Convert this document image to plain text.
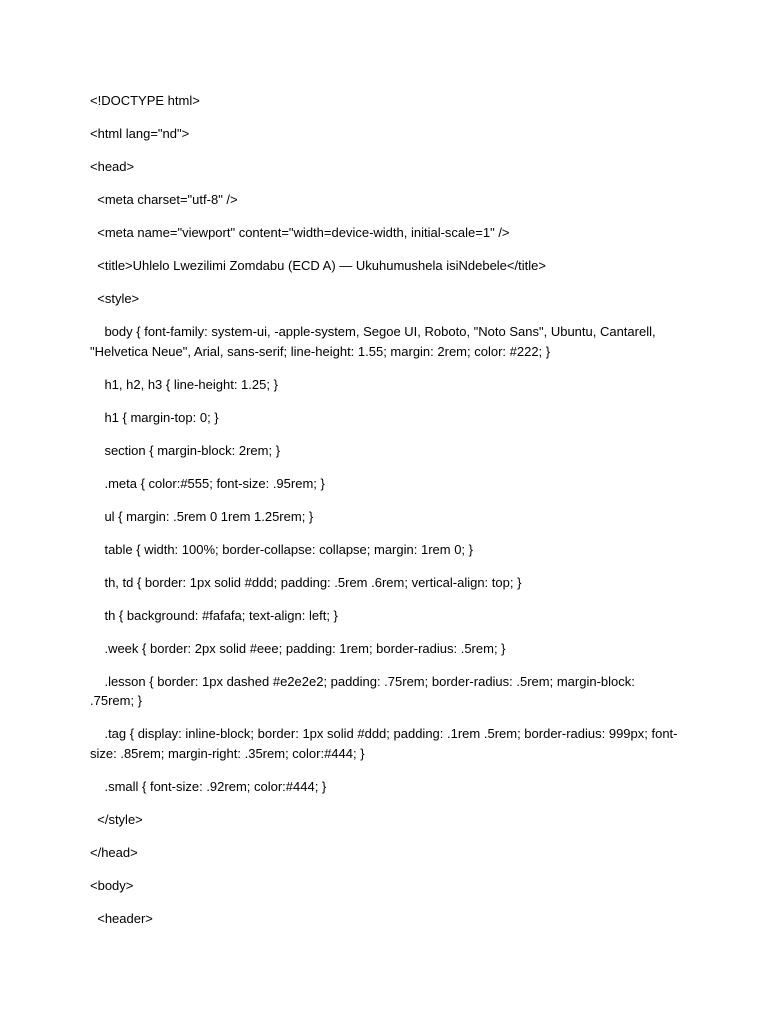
<!DOCTYPE html>

<html lang="nd">

<head>

<meta charset="utf-8" />

<meta name="viewport" content="width=device-width, initial-scale=1" />

<title>Uhlelo Lwezilimi Zomdabu (ECD A) — Ukuhumushela isiNdebele</title>

<style>

body { font-family: system-ui, -apple-system, Segoe UI, Roboto, "Noto Sans", Ubuntu, Cantarell, "Helvetica Neue", Arial, sans-serif; line-height: 1.55; margin: 2rem; color: #222; }

h1, h2, h3 { line-height: 1.25; }

h1 { margin-top: 0; }

section { margin-block: 2rem; }

.meta { color:#555; font-size: .95rem; }

ul { margin: .5rem 0 1rem 1.25rem; }

table { width: 100%; border-collapse: collapse; margin: 1rem 0; }

th, td { border: 1px solid #ddd; padding: .5rem .6rem; vertical-align: top; }

th { background: #fafafa; text-align: left; }

.week { border: 2px solid #eee; padding: 1rem; border-radius: .5rem; }

.lesson { border: 1px dashed #e2e2e2; padding: .75rem; border-radius: .5rem; margin-block: .75rem; }

.tag { display: inline-block; border: 1px solid #ddd; padding: .1rem .5rem; border-radius: 999px; font-size: .85rem; margin-right: .35rem; color:#444; }

.small { font-size: .92rem; color:#444; }

</style>

</head>

<body>

<header>
